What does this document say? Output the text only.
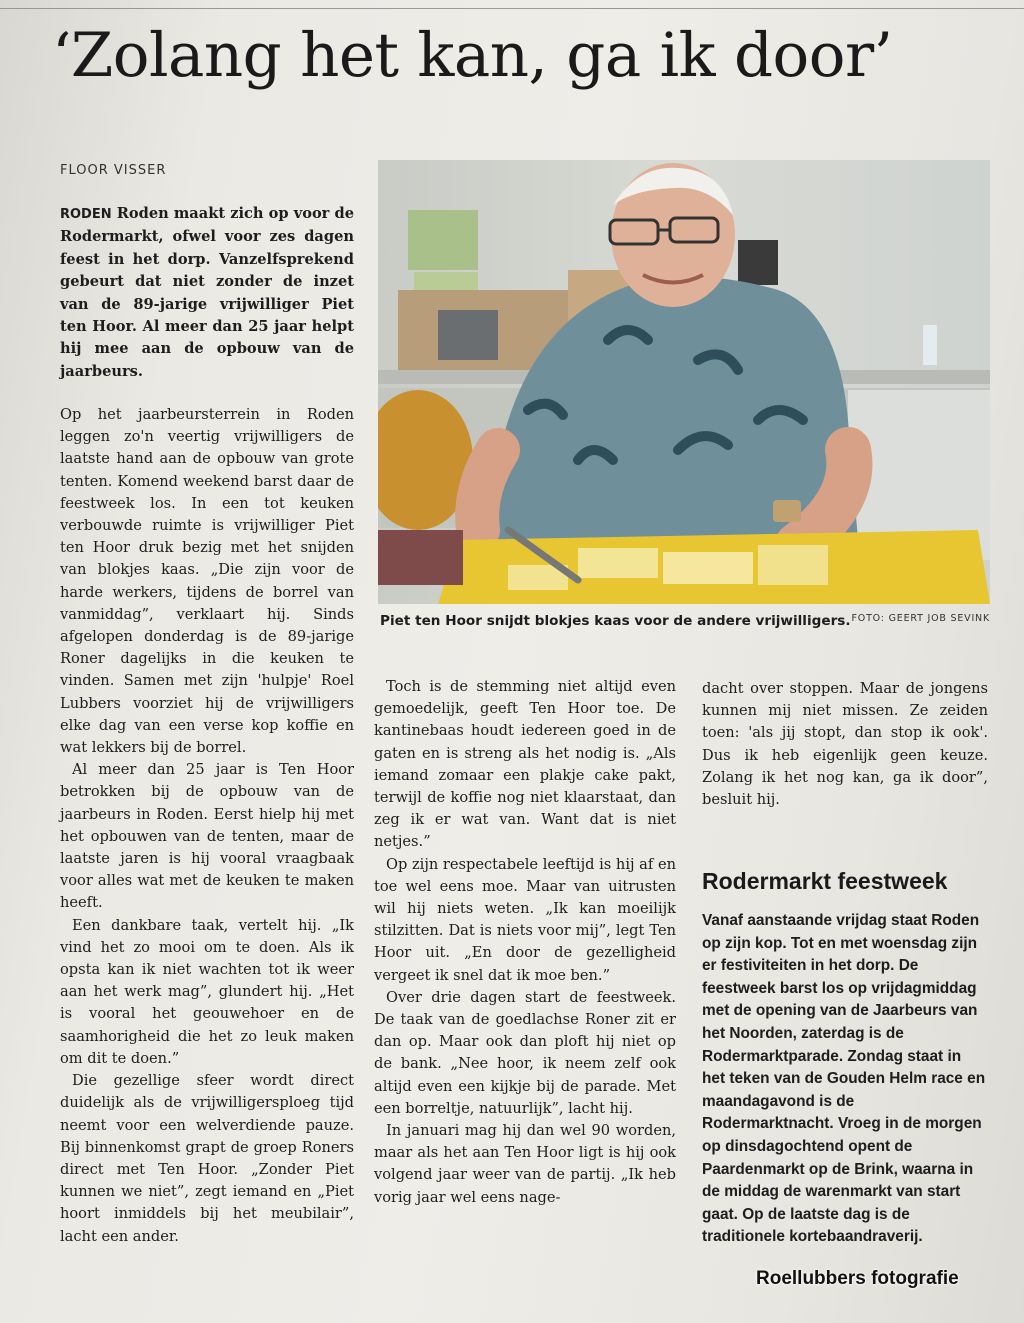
‘Zolang het kan, ga ik door’
FLOOR VISSER
RODEN Roden maakt zich op voor de Rodermarkt, ofwel voor zes dagen feest in het dorp. Vanzelfsprekend gebeurt dat niet zonder de inzet van de 89-jarige vrijwilliger Piet ten Hoor. Al meer dan 25 jaar helpt hij mee aan de opbouw van de jaarbeurs.

Op het jaarbeursterrein in Roden leggen zo'n veertig vrijwilligers de laatste hand aan de opbouw van grote tenten. Komend weekend barst daar de feestweek los. In een tot keuken verbouwde ruimte is vrijwilliger Piet ten Hoor druk bezig met het snijden van blokjes kaas. „Die zijn voor de harde werkers, tijdens de borrel van vanmiddag”, verklaart hij. Sinds afgelopen donderdag is de 89-jarige Roner dagelijks in die keuken te vinden. Samen met zijn 'hulpje' Roel Lubbers voorziet hij de vrijwilligers elke dag van een verse kop koffie en wat lekkers bij de borrel.

Al meer dan 25 jaar is Ten Hoor betrokken bij de opbouw van de jaarbeurs in Roden. Eerst hielp hij met het opbouwen van de tenten, maar de laatste jaren is hij vooral vraagbaak voor alles wat met de keuken te maken heeft.

Een dankbare taak, vertelt hij. „Ik vind het zo mooi om te doen. Als ik opsta kan ik niet wachten tot ik weer aan het werk mag”, glundert hij. „Het is vooral het geouwehoer en de saamhorigheid die het zo leuk maken om dit te doen.”

Die gezellige sfeer wordt direct duidelijk als de vrijwilligersploeg tijd neemt voor een welverdiende pauze. Bij binnenkomst grapt de groep Roners direct met Ten Hoor. „Zonder Piet kunnen we niet”, zegt iemand en „Piet hoort inmiddels bij het meubilair”, lacht een ander.

Piet ten Hoor snijdt blokjes kaas voor de andere vrijwilligers. FOTO: GEERT JOB SEVINK

Toch is de stemming niet altijd even gemoedelijk, geeft Ten Hoor toe. De kantinebaas houdt iedereen goed in de gaten en is streng als het nodig is. „Als iemand zomaar een plakje cake pakt, terwijl de koffie nog niet klaarstaat, dan zeg ik er wat van. Want dat is niet netjes.”

Op zijn respectabele leeftijd is hij af en toe wel eens moe. Maar van uitrusten wil hij niets weten. „Ik kan moeilijk stilzitten. Dat is niets voor mij”, legt Ten Hoor uit. „En door de gezelligheid vergeet ik snel dat ik moe ben.”

Over drie dagen start de feestweek. De taak van de goedlachse Roner zit er dan op. Maar ook dan ploft hij niet op de bank. „Nee hoor, ik neem zelf ook altijd even een kijkje bij de parade. Met een borreltje, natuurlijk”, lacht hij.

In januari mag hij dan wel 90 worden, maar als het aan Ten Hoor ligt is hij ook volgend jaar weer van de partij. „Ik heb vorig jaar wel eens nage-

dacht over stoppen. Maar de jongens kunnen mij niet missen. Ze zeiden toen: 'als jij stopt, dan stop ik ook'. Dus ik heb eigenlijk geen keuze. Zolang ik het nog kan, ga ik door”, besluit hij.

Rodermarkt feestweek

Vanaf aanstaande vrijdag staat Roden op zijn kop. Tot en met woensdag zijn er festiviteiten in het dorp. De feestweek barst los op vrijdagmiddag met de opening van de Jaarbeurs van het Noorden, zaterdag is de Rodermarktparade. Zondag staat in het teken van de Gouden Helm race en maandagavond is de Rodermarktnacht. Vroeg in de morgen op dinsdagochtend opent de Paardenmarkt op de Brink, waarna in de middag de warenmarkt van start gaat. Op de laatste dag is de traditionele kortebaandraverij.

Roellubbers fotografie
